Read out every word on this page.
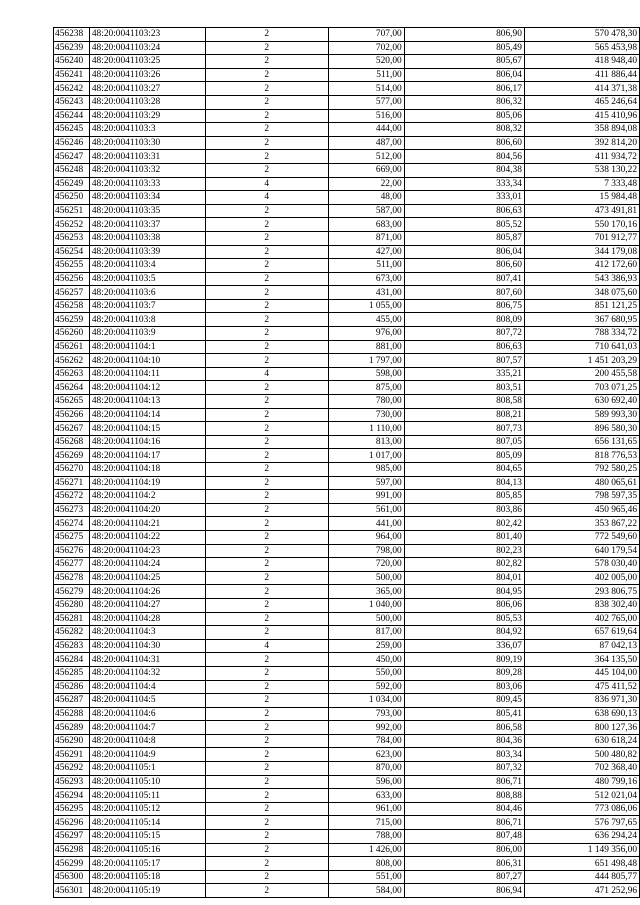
456238	48:20:0041103:23	2	707,00	806,90	570 478,30
456239	48:20:0041103:24	2	702,00	805,49	565 453,98
456240	48:20:0041103:25	2	520,00	805,67	418 948,40
456241	48:20:0041103:26	2	511,00	806,04	411 886,44
456242	48:20:0041103:27	2	514,00	806,17	414 371,38
456243	48:20:0041103:28	2	577,00	806,32	465 246,64
456244	48:20:0041103:29	2	516,00	805,06	415 410,96
456245	48:20:0041103:3	2	444,00	808,32	358 894,08
456246	48:20:0041103:30	2	487,00	806,60	392 814,20
456247	48:20:0041103:31	2	512,00	804,56	411 934,72
456248	48:20:0041103:32	2	669,00	804,38	538 130,22
456249	48:20:0041103:33	4	22,00	333,34	7 333,48
456250	48:20:0041103:34	4	48,00	333,01	15 984,48
456251	48:20:0041103:35	2	587,00	806,63	473 491,81
456252	48:20:0041103:37	2	683,00	805,52	550 170,16
456253	48:20:0041103:38	2	871,00	805,87	701 912,77
456254	48:20:0041103:39	2	427,00	806,04	344 179,08
456255	48:20:0041103:4	2	511,00	806,60	412 172,60
456256	48:20:0041103:5	2	673,00	807,41	543 386,93
456257	48:20:0041103:6	2	431,00	807,60	348 075,60
456258	48:20:0041103:7	2	1 055,00	806,75	851 121,25
456259	48:20:0041103:8	2	455,00	808,09	367 680,95
456260	48:20:0041103:9	2	976,00	807,72	788 334,72
456261	48:20:0041104:1	2	881,00	806,63	710 641,03
456262	48:20:0041104:10	2	1 797,00	807,57	1 451 203,29
456263	48:20:0041104:11	4	598,00	335,21	200 455,58
456264	48:20:0041104:12	2	875,00	803,51	703 071,25
456265	48:20:0041104:13	2	780,00	808,58	630 692,40
456266	48:20:0041104:14	2	730,00	808,21	589 993,30
456267	48:20:0041104:15	2	1 110,00	807,73	896 580,30
456268	48:20:0041104:16	2	813,00	807,05	656 131,65
456269	48:20:0041104:17	2	1 017,00	805,09	818 776,53
456270	48:20:0041104:18	2	985,00	804,65	792 580,25
456271	48:20:0041104:19	2	597,00	804,13	480 065,61
456272	48:20:0041104:2	2	991,00	805,85	798 597,35
456273	48:20:0041104:20	2	561,00	803,86	450 965,46
456274	48:20:0041104:21	2	441,00	802,42	353 867,22
456275	48:20:0041104:22	2	964,00	801,40	772 549,60
456276	48:20:0041104:23	2	798,00	802,23	640 179,54
456277	48:20:0041104:24	2	720,00	802,82	578 030,40
456278	48:20:0041104:25	2	500,00	804,01	402 005,00
456279	48:20:0041104:26	2	365,00	804,95	293 806,75
456280	48:20:0041104:27	2	1 040,00	806,06	838 302,40
456281	48:20:0041104:28	2	500,00	805,53	402 765,00
456282	48:20:0041104:3	2	817,00	804,92	657 619,64
456283	48:20:0041104:30	4	259,00	336,07	87 042,13
456284	48:20:0041104:31	2	450,00	809,19	364 135,50
456285	48:20:0041104:32	2	550,00	809,28	445 104,00
456286	48:20:0041104:4	2	592,00	803,06	475 411,52
456287	48:20:0041104:5	2	1 034,00	809,45	836 971,30
456288	48:20:0041104:6	2	793,00	805,41	638 690,13
456289	48:20:0041104:7	2	992,00	806,58	800 127,36
456290	48:20:0041104:8	2	784,00	804,36	630 618,24
456291	48:20:0041104:9	2	623,00	803,34	500 480,82
456292	48:20:0041105:1	2	870,00	807,32	702 368,40
456293	48:20:0041105:10	2	596,00	806,71	480 799,16
456294	48:20:0041105:11	2	633,00	808,88	512 021,04
456295	48:20:0041105:12	2	961,00	804,46	773 086,06
456296	48:20:0041105:14	2	715,00	806,71	576 797,65
456297	48:20:0041105:15	2	788,00	807,48	636 294,24
456298	48:20:0041105:16	2	1 426,00	806,00	1 149 356,00
456299	48:20:0041105:17	2	808,00	806,31	651 498,48
456300	48:20:0041105:18	2	551,00	807,27	444 805,77
456301	48:20:0041105:19	2	584,00	806,94	471 252,96
